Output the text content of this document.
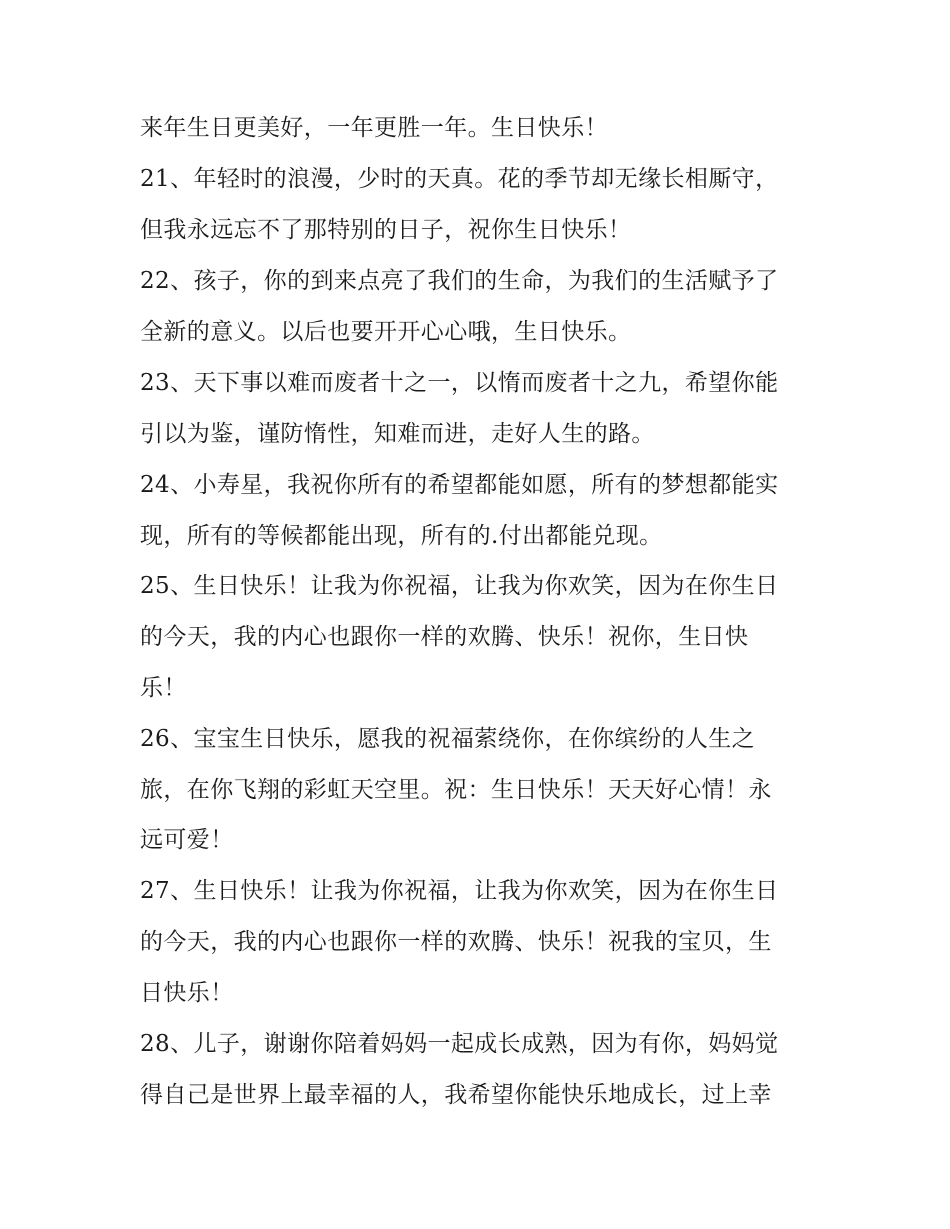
来年生日更美好，一年更胜一年。生日快乐！
21、年轻时的浪漫，少时的天真。花的季节却无缘长相厮守，
但我永远忘不了那特别的日子，祝你生日快乐！
22、孩子，你的到来点亮了我们的生命，为我们的生活赋予了
全新的意义。以后也要开开心心哦，生日快乐。
23、天下事以难而废者十之一，以惰而废者十之九，希望你能
引以为鉴，谨防惰性，知难而进，走好人生的路。
24、小寿星，我祝你所有的希望都能如愿，所有的梦想都能实
现，所有的等候都能出现，所有的.付出都能兑现。
25、生日快乐！让我为你祝福，让我为你欢笑，因为在你生日
的今天，我的内心也跟你一样的欢腾、快乐！祝你，生日快
乐！
26、宝宝生日快乐，愿我的祝福萦绕你，在你缤纷的人生之
旅，在你飞翔的彩虹天空里。祝：生日快乐！天天好心情！永
远可爱！
27、生日快乐！让我为你祝福，让我为你欢笑，因为在你生日
的今天，我的内心也跟你一样的欢腾、快乐！祝我的宝贝，生
日快乐！
28、儿子，谢谢你陪着妈妈一起成长成熟，因为有你，妈妈觉
得自己是世界上最幸福的人，我希望你能快乐地成长，过上幸
